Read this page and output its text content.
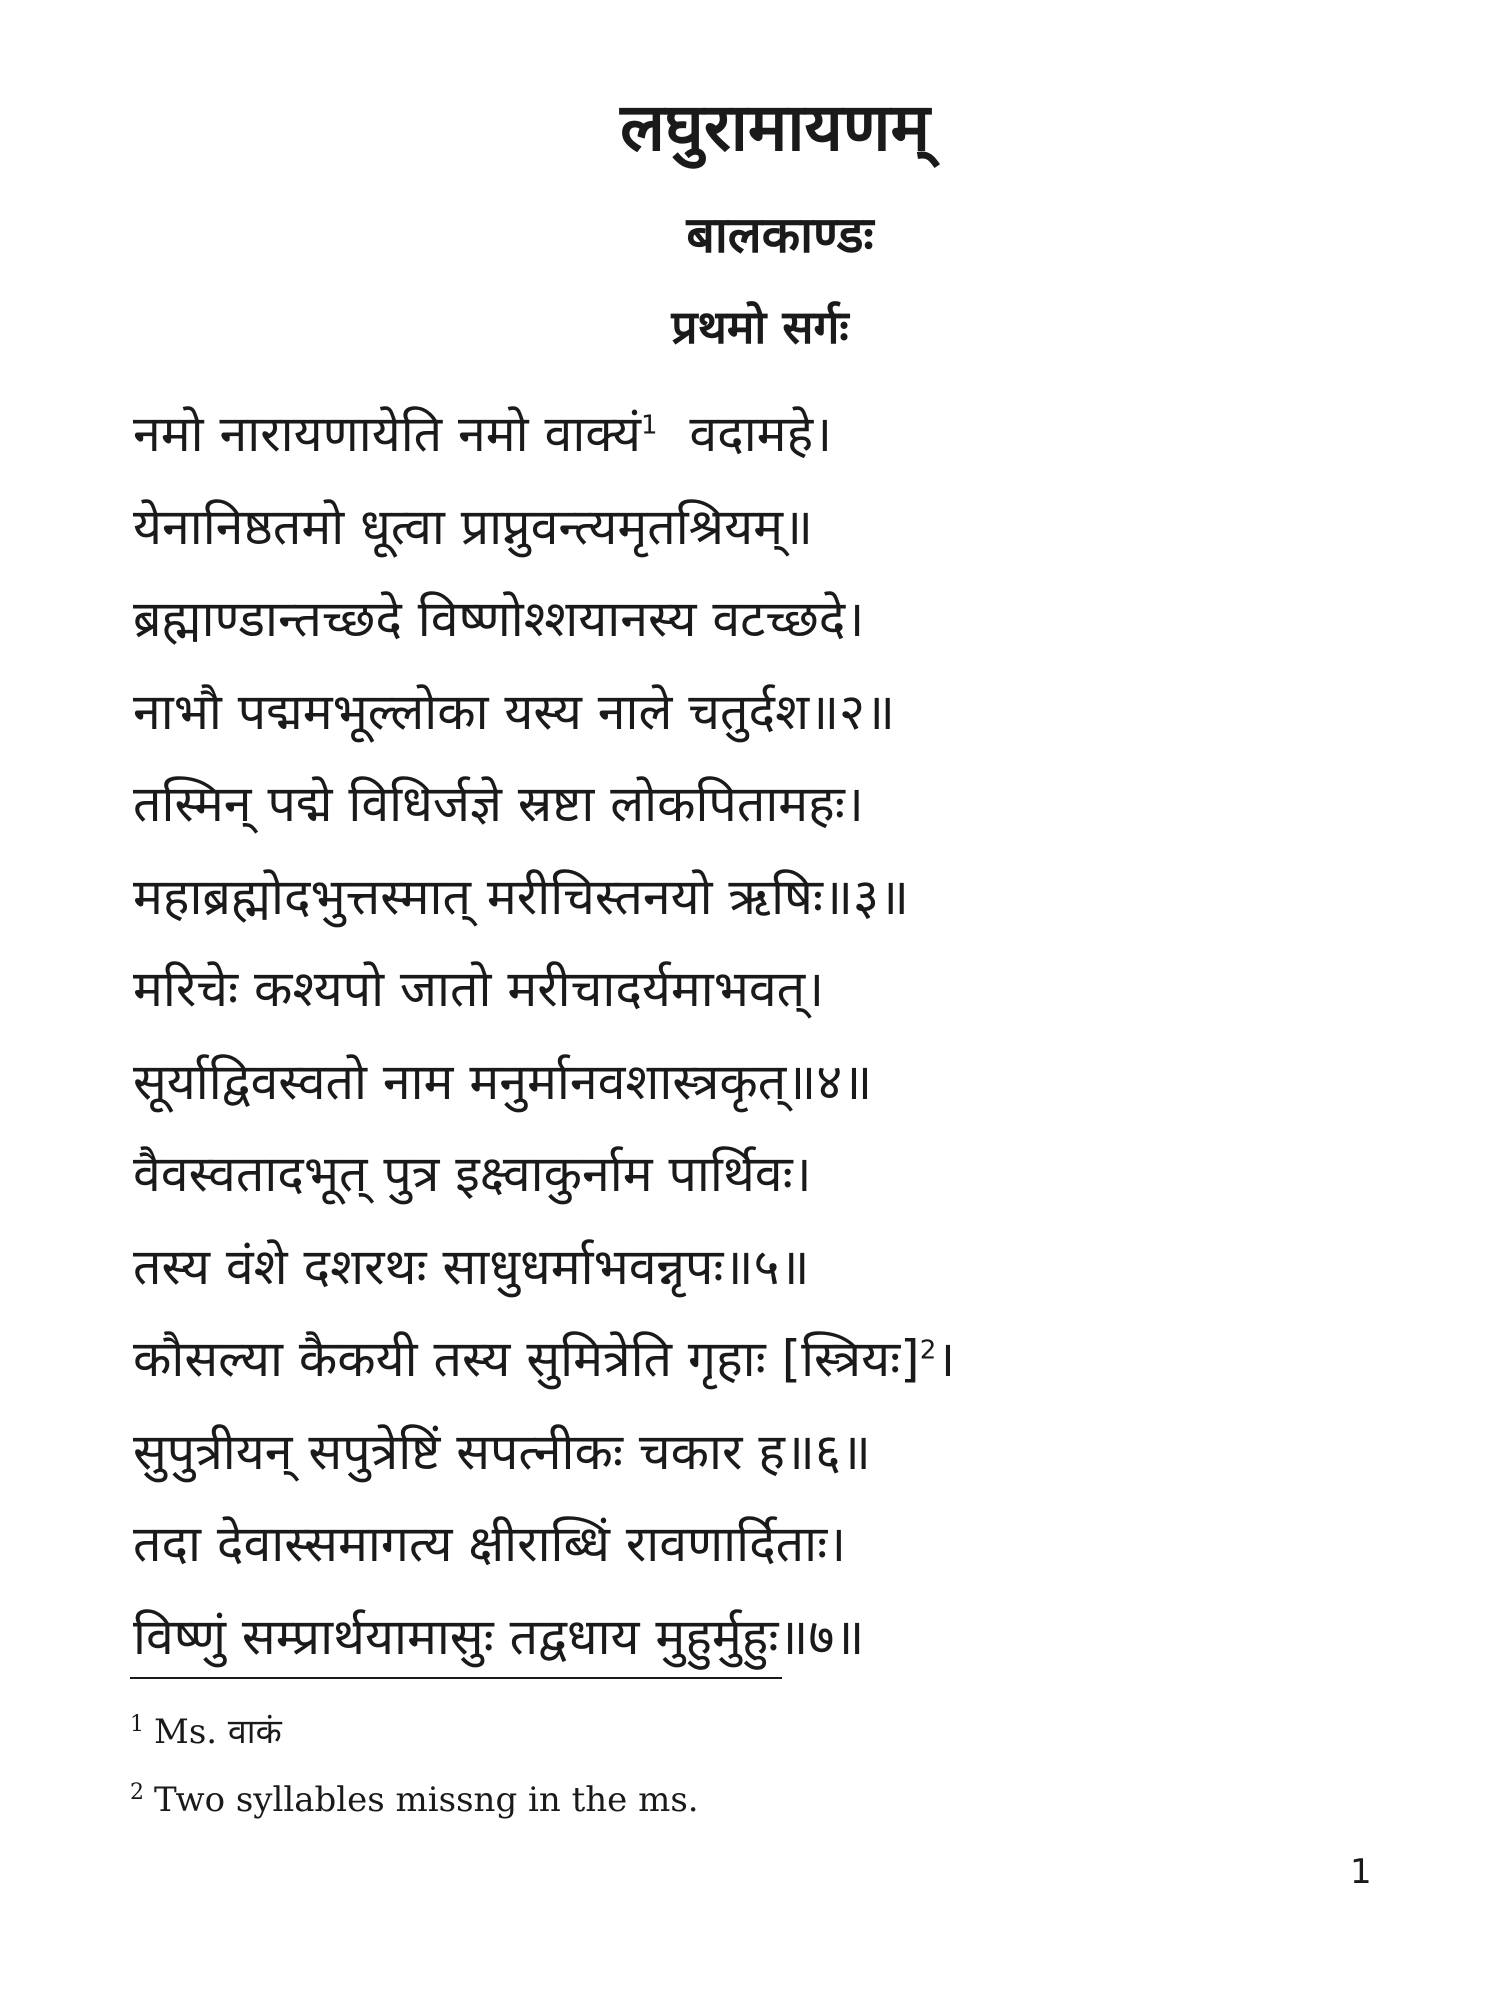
लघुरामायणम्
बालकाण्डः
प्रथमो सर्गः
नमो नारायणायेति नमो वाक्यं$^1$  वदामहे।
येनानिष्ठतमो धूत्वा प्राप्नुवन्त्यमृतश्रियम्॥
ब्रह्माण्डान्तच्छदे विष्णोश्शयानस्य वटच्छदे।
नाभौ पद्ममभूल्लोका यस्य नाले चतुर्दश॥२॥
तस्मिन् पद्मे विधिर्जज्ञे स्रष्टा लोकपितामहः।
महाब्रह्मोदभुत्तस्मात् मरीचिस्तनयो ऋषिः॥३॥
मरिचेः कश्यपो जातो मरीचादर्यमाभवत्।
सूर्याद्विवस्वतो नाम मनुर्मानवशास्त्रकृत्॥४॥
वैवस्वतादभूत् पुत्र इक्ष्वाकुर्नाम पार्थिवः।
तस्य वंशे दशरथः साधुधर्माभवन्नृपः॥५॥
कौसल्या कैकयी तस्य सुमित्रेति गृहाः [स्त्रियः]$^2$।
सुपुत्रीयन् सपुत्रेष्टिं सपत्नीकः चकार ह॥६॥
तदा देवास्समागत्य क्षीराब्धिं रावणार्दिताः।
विष्णुं सम्प्रार्थयामासुः तद्वधाय मुहुर्मुहुः॥७॥
$^1$ Ms. वाकं
$^2$ Two syllables missng in the ms.
1
